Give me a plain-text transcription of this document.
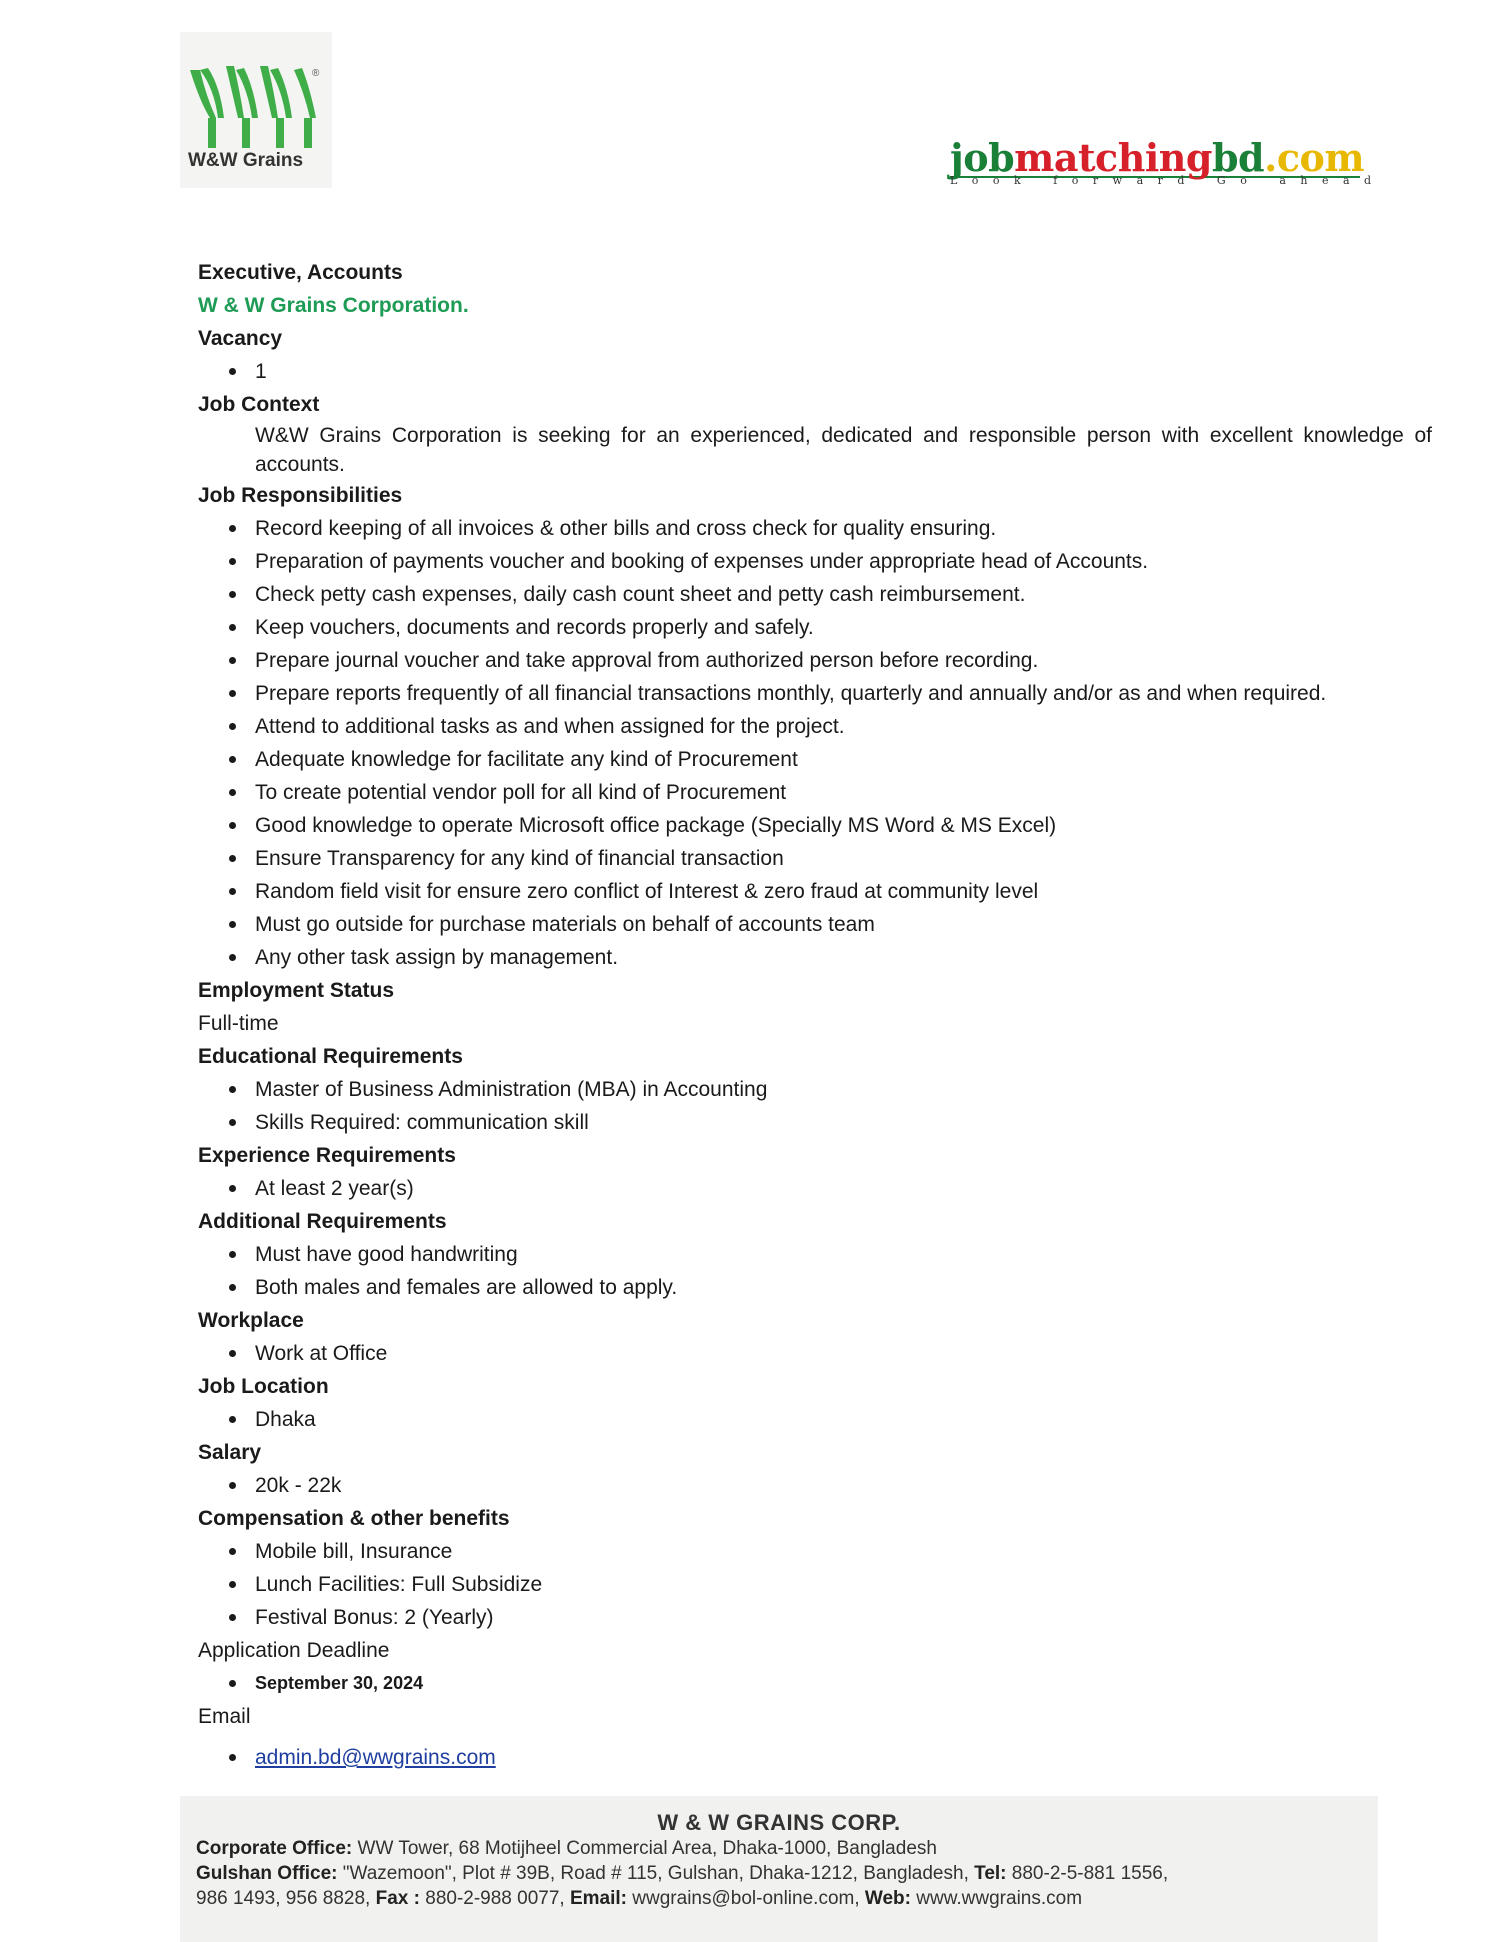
®
W&W Grains	jobmatchingbd.com
Look forward Go ahead
Executive, Accounts
W & W Grains Corporation.
Vacancy
1
Job Context
W&W Grains Corporation is seeking for an experienced, dedicated and responsible person with excellent knowledge of accounts.
Job Responsibilities
Record keeping of all invoices & other bills and cross check for quality ensuring.
Preparation of payments voucher and booking of expenses under appropriate head of Accounts.
Check petty cash expenses, daily cash count sheet and petty cash reimbursement.
Keep vouchers, documents and records properly and safely.
Prepare journal voucher and take approval from authorized person before recording.
Prepare reports frequently of all financial transactions monthly, quarterly and annually and/or as and when required.
Attend to additional tasks as and when assigned for the project.
Adequate knowledge for facilitate any kind of Procurement
To create potential vendor poll for all kind of Procurement
Good knowledge to operate Microsoft office package (Specially MS Word & MS Excel)
Ensure Transparency for any kind of financial transaction
Random field visit for ensure zero conflict of Interest & zero fraud at community level
Must go outside for purchase materials on behalf of accounts team
Any other task assign by management.
Employment Status
Full-time
Educational Requirements
Master of Business Administration (MBA) in Accounting
Skills Required: communication skill
Experience Requirements
At least 2 year(s)
Additional Requirements
Must have good handwriting
Both males and females are allowed to apply.
Workplace
Work at Office
Job Location
Dhaka
Salary
20k - 22k
Compensation & other benefits
Mobile bill, Insurance
Lunch Facilities: Full Subsidize
Festival Bonus: 2 (Yearly)
Application Deadline
September 30, 2024
Email
admin.bd@wwgrains.com
W & W GRAINS CORP.
Corporate Office: WW Tower, 68 Motijheel Commercial Area, Dhaka-1000, Bangladesh
Gulshan Office: "Wazemoon", Plot # 39B, Road # 115, Gulshan, Dhaka-1212, Bangladesh, Tel: 880-2-5-881 1556,
986 1493, 956 8828, Fax : 880-2-988 0077, Email: wwgrains@bol-online.com, Web: www.wwgrains.com
